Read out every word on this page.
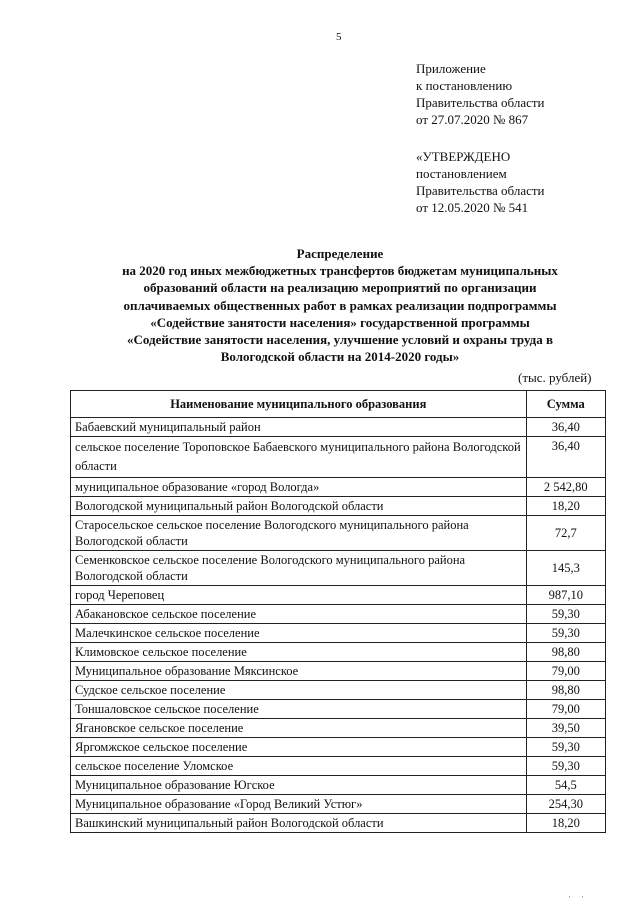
5
Приложение
к постановлению
Правительства области
от 27.07.2020 № 867
«УТВЕРЖДЕНО
постановлением
Правительства области
от 12.05.2020 № 541
Распределение
на 2020 год иных межбюджетных трансфертов бюджетам муниципальных
образований области на реализацию мероприятий по организации
оплачиваемых общественных работ в рамках реализации подпрограммы
«Содействие занятости населения» государственной программы
«Содействие занятости населения, улучшение условий и охраны труда в
Вологодской области на 2014-2020 годы»
(тыс. рублей)
Наименование муниципального образования	Сумма
Бабаевский муниципальный район	36,40
сельское поселение Тороповское Бабаевского муниципального района Вологодской области	36,40
муниципальное образование «город Вологда»	2 542,80
Вологодской муниципальный район Вологодской области	18,20
Старосельское сельское поселение Вологодского муниципального района Вологодской области	72,7
Семенковское сельское поселение Вологодского муниципального района Вологодской области	145,3
город Череповец	987,10
Абакановское сельское поселение	59,30
Малечкинское сельское поселение	59,30
Климовское сельское поселение	98,80
Муниципальное образование Мяксинское	79,00
Судское сельское поселение	98,80
Тоншаловское сельское поселение	79,00
Ягановское сельское поселение	39,50
Яргомжское сельское поселение	59,30
сельское поселение Уломское	59,30
Муниципальное образование Югское	54,5
Муниципальное образование «Город Великий Устюг»	254,30
Вашкинский муниципальный район Вологодской области	18,20
' '
